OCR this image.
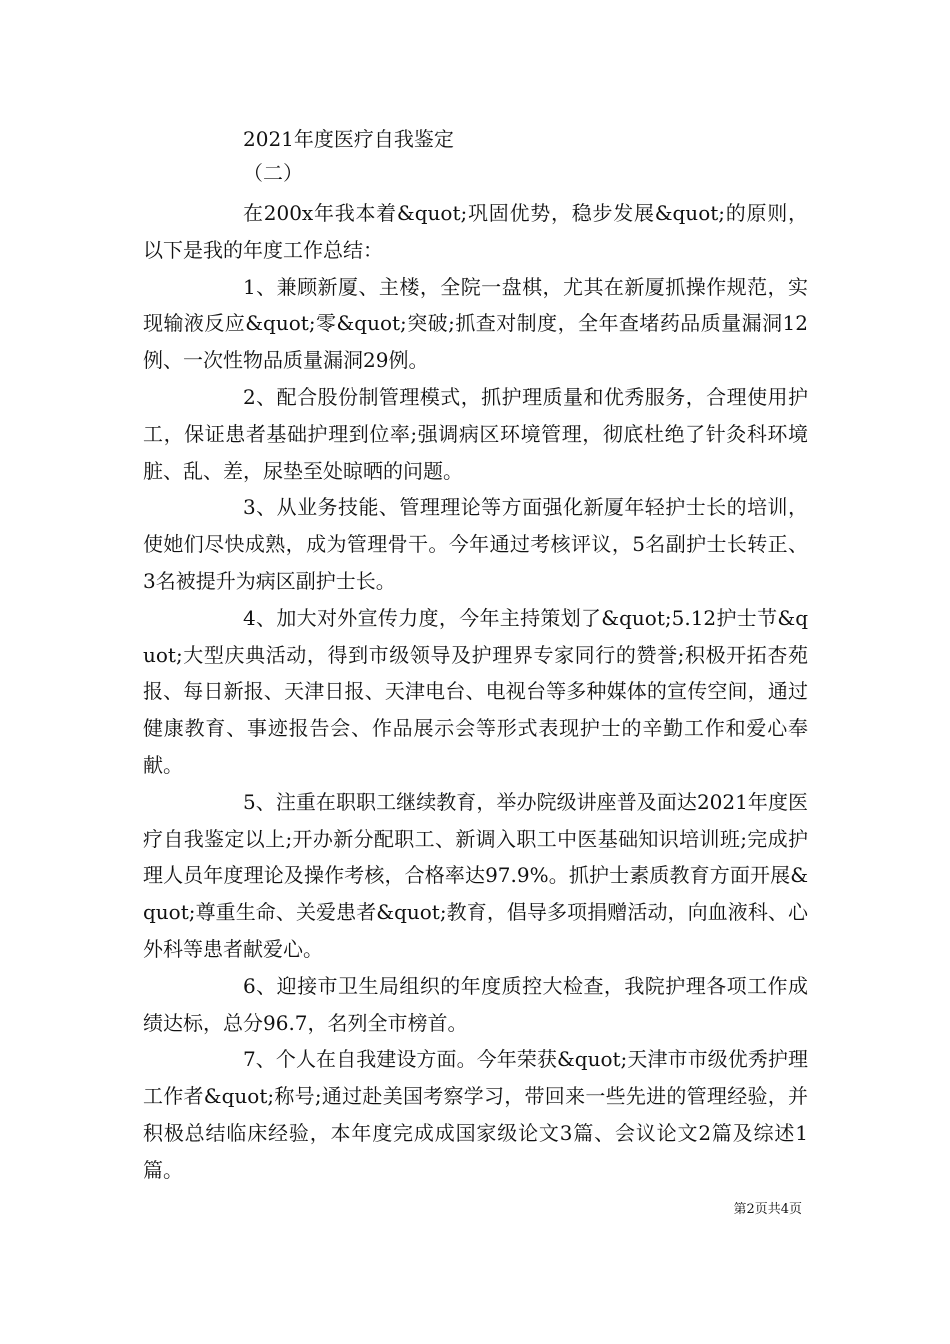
2021年度医疗自我鉴定
（二）

在200x年我本着&quot;巩固优势，稳步发展&quot;的原则，以下是我的年度工作总结：

1、兼顾新厦、主楼，全院一盘棋，尤其在新厦抓操作规范，实现输液反应&quot;零&quot;突破;抓查对制度，全年查堵药品质量漏洞12例、一次性物品质量漏洞29例。

2、配合股份制管理模式，抓护理质量和优秀服务，合理使用护工，保证患者基础护理到位率;强调病区环境管理，彻底杜绝了针灸科环境脏、乱、差，尿垫至处晾晒的问题。

3、从业务技能、管理理论等方面强化新厦年轻护士长的培训，使她们尽快成熟，成为管理骨干。今年通过考核评议，5名副护士长转正、3名被提升为病区副护士长。

4、加大对外宣传力度，今年主持策划了&quot;5.12护士节&quot;大型庆典活动，得到市级领导及护理界专家同行的赞誉;积极开拓杏苑报、每日新报、天津日报、天津电台、电视台等多种媒体的宣传空间，通过健康教育、事迹报告会、作品展示会等形式表现护士的辛勤工作和爱心奉献。

5、注重在职职工继续教育，举办院级讲座普及面达2021年度医疗自我鉴定以上;开办新分配职工、新调入职工中医基础知识培训班;完成护理人员年度理论及操作考核，合格率达97.9%。抓护士素质教育方面开展&quot;尊重生命、关爱患者&quot;教育，倡导多项捐赠活动，向血液科、心外科等患者献爱心。

6、迎接市卫生局组织的年度质控大检查，我院护理各项工作成绩达标，总分96.7，名列全市榜首。

7、个人在自我建设方面。今年荣获&quot;天津市市级优秀护理工作者&quot;称号;通过赴美国考察学习，带回来一些先进的管理经验，并积极总结临床经验，本年度完成成国家级论文3篇、会议论文2篇及综述1篇。

第2页共4页
